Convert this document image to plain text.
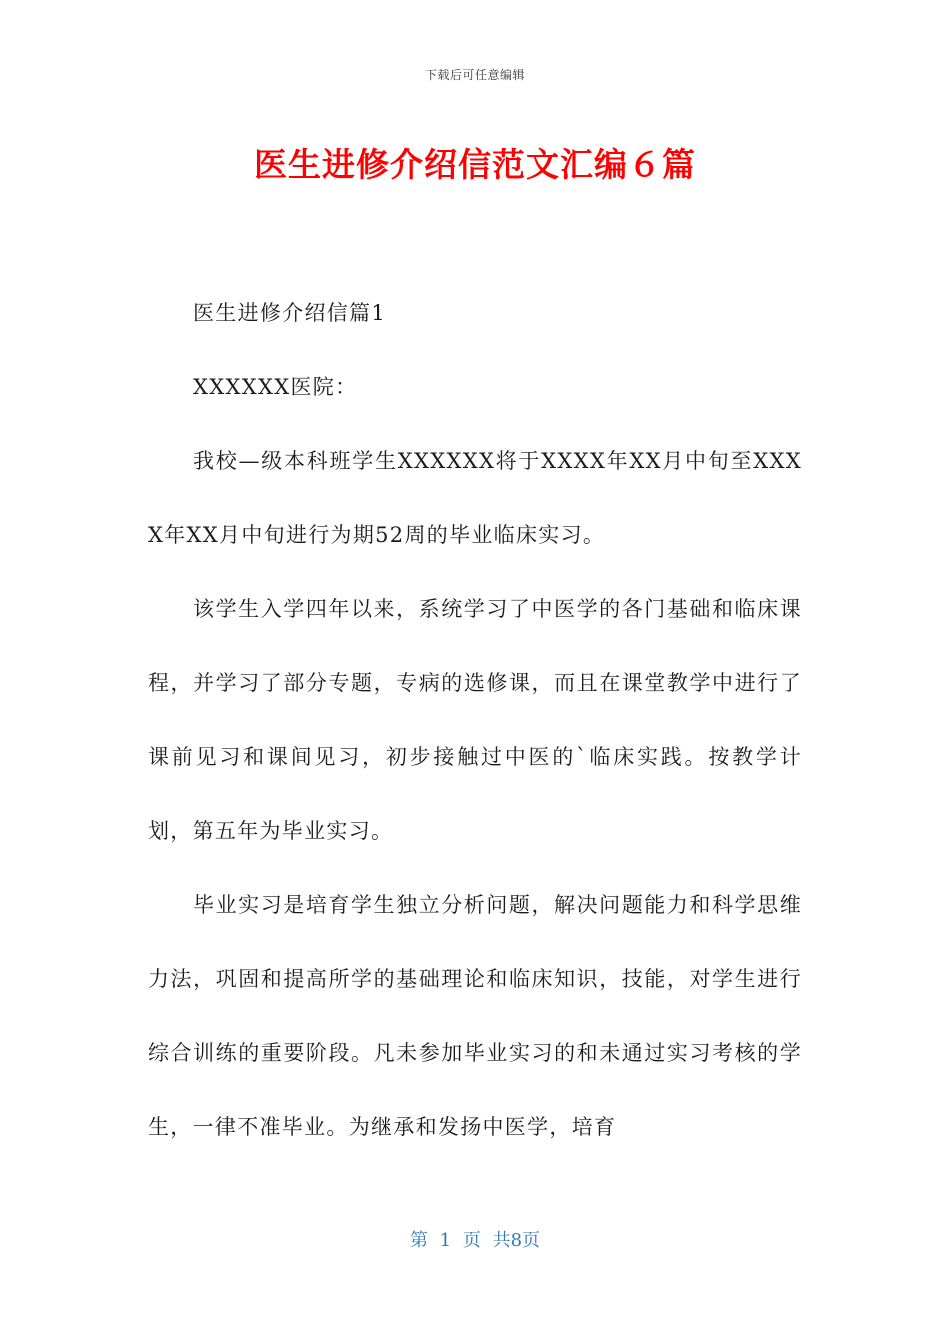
下载后可任意编辑
医生进修介绍信范文汇编６篇

医生进修介绍信篇1

XXXXXX医院：

我校—级本科班学生XXXXXX将于XXXX年XX月中旬至XXXX年XX月中旬进行为期52周的毕业临床实习。

该学生入学四年以来，系统学习了中医学的各门基础和临床课程，并学习了部分专题，专病的选修课，而且在课堂教学中进行了课前见习和课间见习，初步接触过中医的`临床实践。按教学计划，第五年为毕业实习。

毕业实习是培育学生独立分析问题，解决问题能力和科学思维力法，巩固和提高所学的基础理论和临床知识，技能，对学生进行综合训练的重要阶段。凡未参加毕业实习的和未通过实习考核的学生，一律不准毕业。为继承和发扬中医学，培育

第 1 页 共8页
